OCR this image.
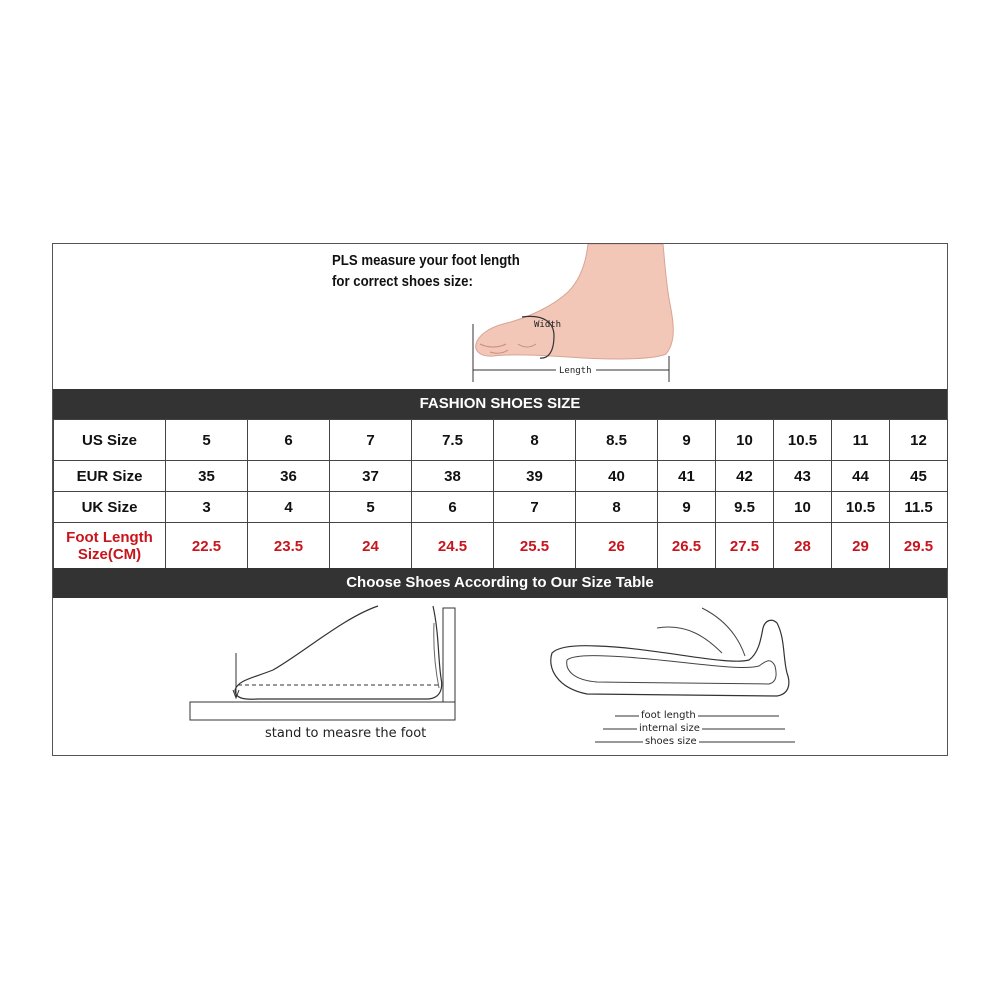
PLS measure your foot length
for correct shoes size:
Width
Length
FASHION SHOES SIZE
US Size	5	6	7	7.5	8	8.5	9	10	10.5	11	12
EUR Size	35	36	37	38	39	40	41	42	43	44	45
UK Size	3	4	5	6	7	8	9	9.5	10	10.5	11.5

Foot Length
Size(CM)	22.5	23.5	24	24.5	25.5	26	26.5	27.5	28	29	29.5
Choose Shoes According to Our Size Table
stand to measre the foot
foot length
internal size
shoes size
